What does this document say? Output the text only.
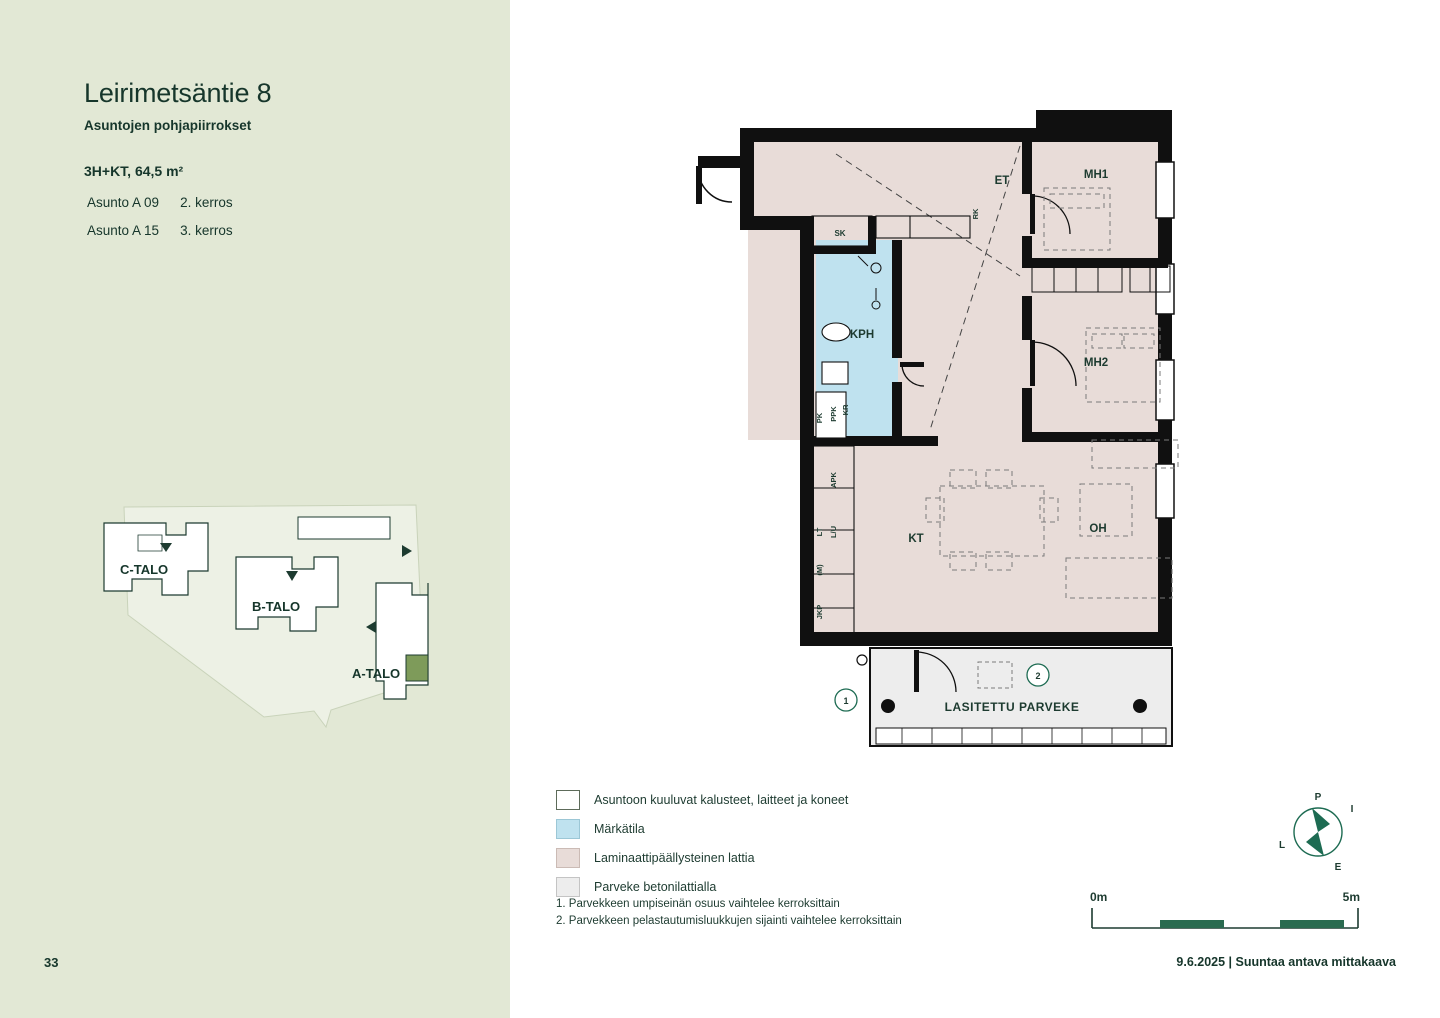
Leirimetsäntie 8
Asuntojen pohjapiirrokset
3H+KT, 64,5 m²
Asunto A 09	2. kerros
Asunto A 15	3. kerros
33
C-TALO
B-TALO
A-TALO
ET	MH1
MH2
OH
KT
KPH
SK
RK
PK PPK KR
APK
L/U
LT
(M)
JKP
LASITETTU PARVEKE
2
1
Asuntoon kuuluvat kalusteet, laitteet ja koneet
Märkätila
Laminaattipäällysteinen lattia
Parveke betonilattialla
1. Parvekkeen umpiseinän osuus vaihtelee kerroksittain
2. Parvekkeen pelastautumisluukkujen sijainti vaihtelee kerroksittain
0m	5m
P
I
E
L
9.6.2025 | Suuntaa antava mittakaava
